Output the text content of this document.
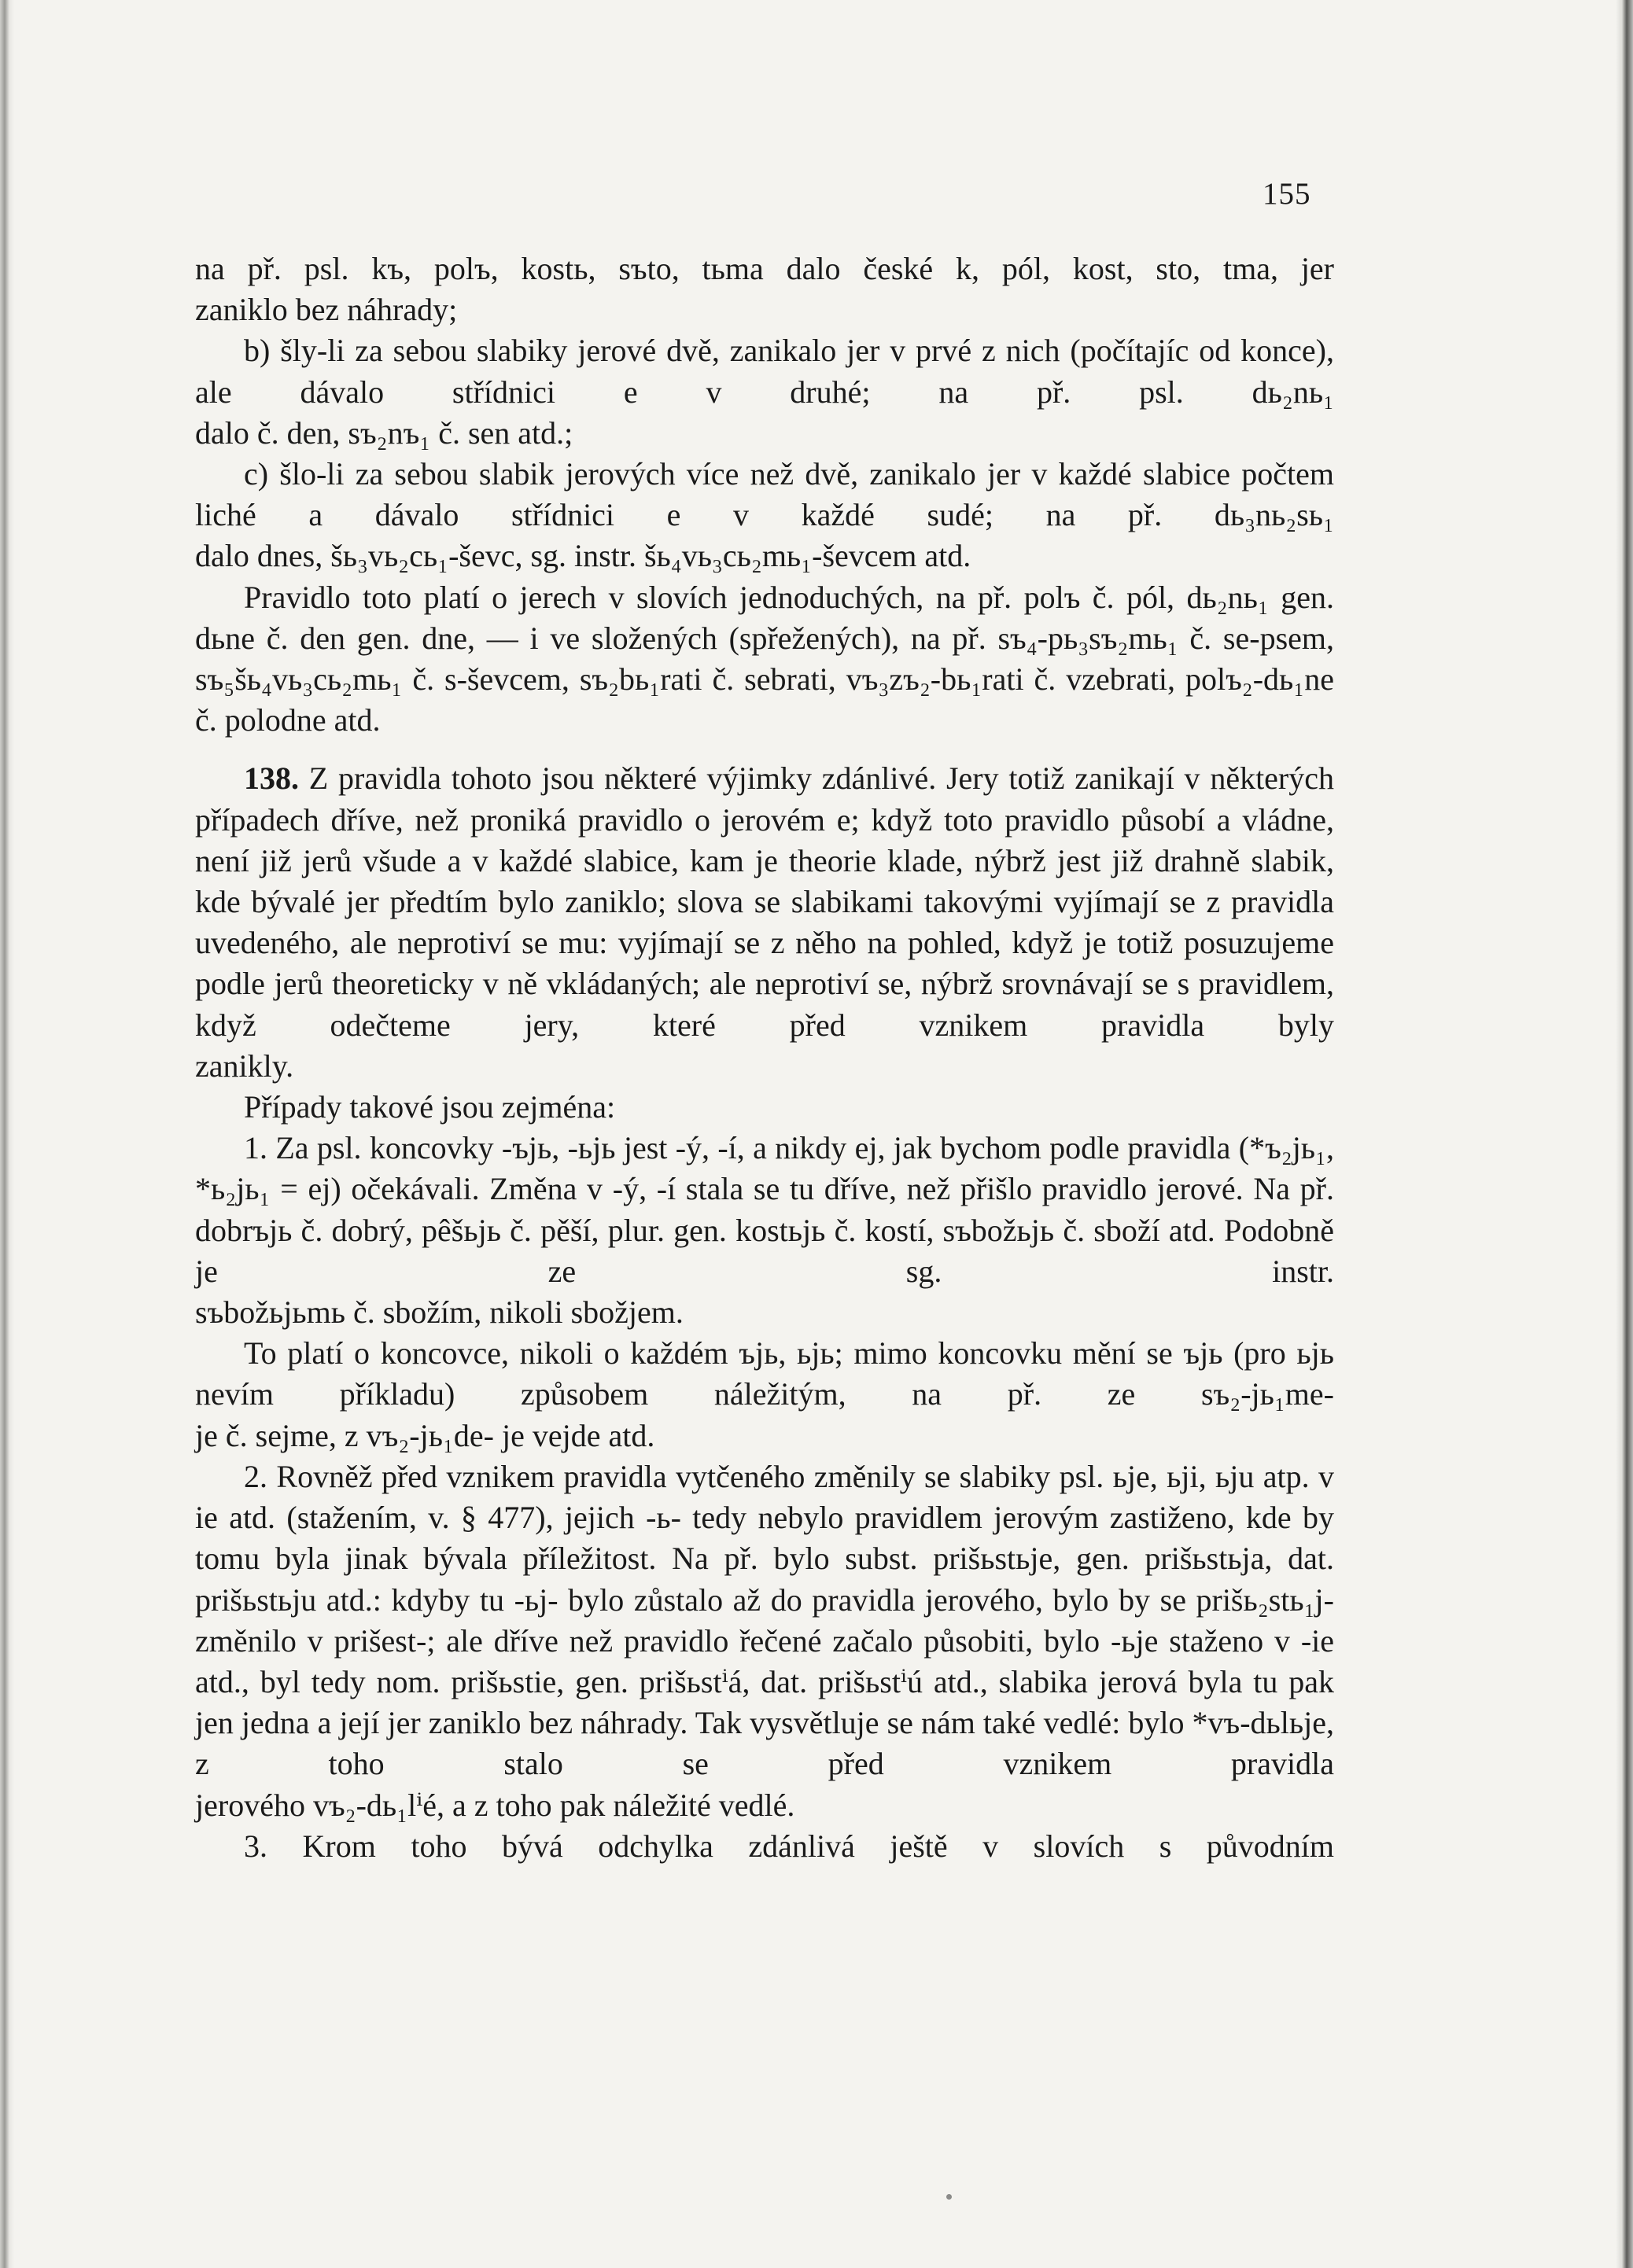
155
na př. psl. kъ, polъ, kostь, sъto, tьma dalo české k, pól, kost, sto, tma, jer
zaniklo bez náhrady;
b) šly-li za sebou slabiky jerové dvě, zanikalo jer v prvé z nich (počítajíc od konce), ale dávalo střídnici e v druhé; na př. psl. dь₂nь₁
dalo č. den, sъ₂nъ₁ č. sen atd.;
c) šlo-li za sebou slabik jerových více než dvě, zanikalo jer v každé slabice počtem liché a dávalo střídnici e v každé sudé; na př. dь₃nь₂sь₁
dalo dnes, šь₃vь₂cь₁-ševc, sg. instr. šь₄vь₃cь₂mь₁-ševcem atd.
Pravidlo toto platí o jerech v slovích jednoduchých, na př. polъ č. pól, dь₂nь₁ gen. dьne č. den gen. dne, — i ve složených (spřežených), na př. sъ₄-pь₃sъ₂mь₁ č. se-psem, sъ₅šь₄vь₃cь₂mь₁ č. s-ševcem, sъ₂bь₁rati č. sebrati, vъ₃zъ₂-bь₁rati č. vzebrati, polъ₂-dь₁ne č. polodne atd.
138. Z pravidla tohoto jsou některé výjimky zdánlivé. Jery totiž zanikají v některých případech dříve, než proniká pravidlo o jerovém e; když toto pravidlo působí a vládne, není již jerů všude a v každé slabice, kam je theorie klade, nýbrž jest již drahně slabik, kde bývalé jer předtím bylo zaniklo; slova se slabikami takovými vyjímají se z pravidla uvedeného, ale neprotiví se mu: vyjímají se z něho na pohled, když je totiž posuzujeme podle jerů theoreticky v ně vkládaných; ale neprotiví se, nýbrž srovnávají se s pravidlem, když odečteme jery, které před vznikem pravidla byly
zanikly.
Případy takové jsou zejména:
1. Za psl. koncovky -ъjь, -ьjь jest -ý, -í, a nikdy ej, jak bychom podle pravidla (*ъ₂jь₁, *ь₂jь₁ = ej) očekávali. Změna v -ý, -í stala se tu dříve, než přišlo pravidlo jerové. Na př. dobrъjь č. dobrý, pêšьjь č. pěší, plur. gen. kostьjь č. kostí, sъbožьjь č. sboží atd. Podobně je ze sg. instr.
sъbožьjьmь č. sbožím, nikoli sbožjem.
To platí o koncovce, nikoli o každém ъjь, ьjь; mimo koncovku mění se ъjь (pro ьjь nevím příkladu) způsobem náležitým, na př. ze sъ₂-jь₁me-
je č. sejme, z vъ₂-jь₁de- je vejde atd.
2. Rovněž před vznikem pravidla vytčeného změnily se slabiky psl. ьje, ьji, ьju atp. v ie atd. (stažením, v. § 477), jejich -ь- tedy nebylo pravidlem jerovým zastiženo, kde by tomu byla jinak bývala příležitost. Na př. bylo subst. prišьstьje, gen. prišьstьja, dat. prišьstьju atd.: kdyby tu -ьj- bylo zůstalo až do pravidla jerového, bylo by se prišь₂stь₁j- změnilo v prišest-; ale dříve než pravidlo řečené začalo působiti, bylo -ьje staženo v -ie atd., byl tedy nom. prišьstie, gen. prišьstⁱá, dat. prišьstⁱú atd., slabika jerová byla tu pak jen jedna a její jer zaniklo bez náhrady. Tak vysvětluje se nám také vedlé: bylo *vъ-dьlьje, z toho stalo se před vznikem pravidla
jerového vъ₂-dь₁lⁱé, a z toho pak náležité vedlé.
3. Krom toho bývá odchylka zdánlivá ještě v slovích s původním
